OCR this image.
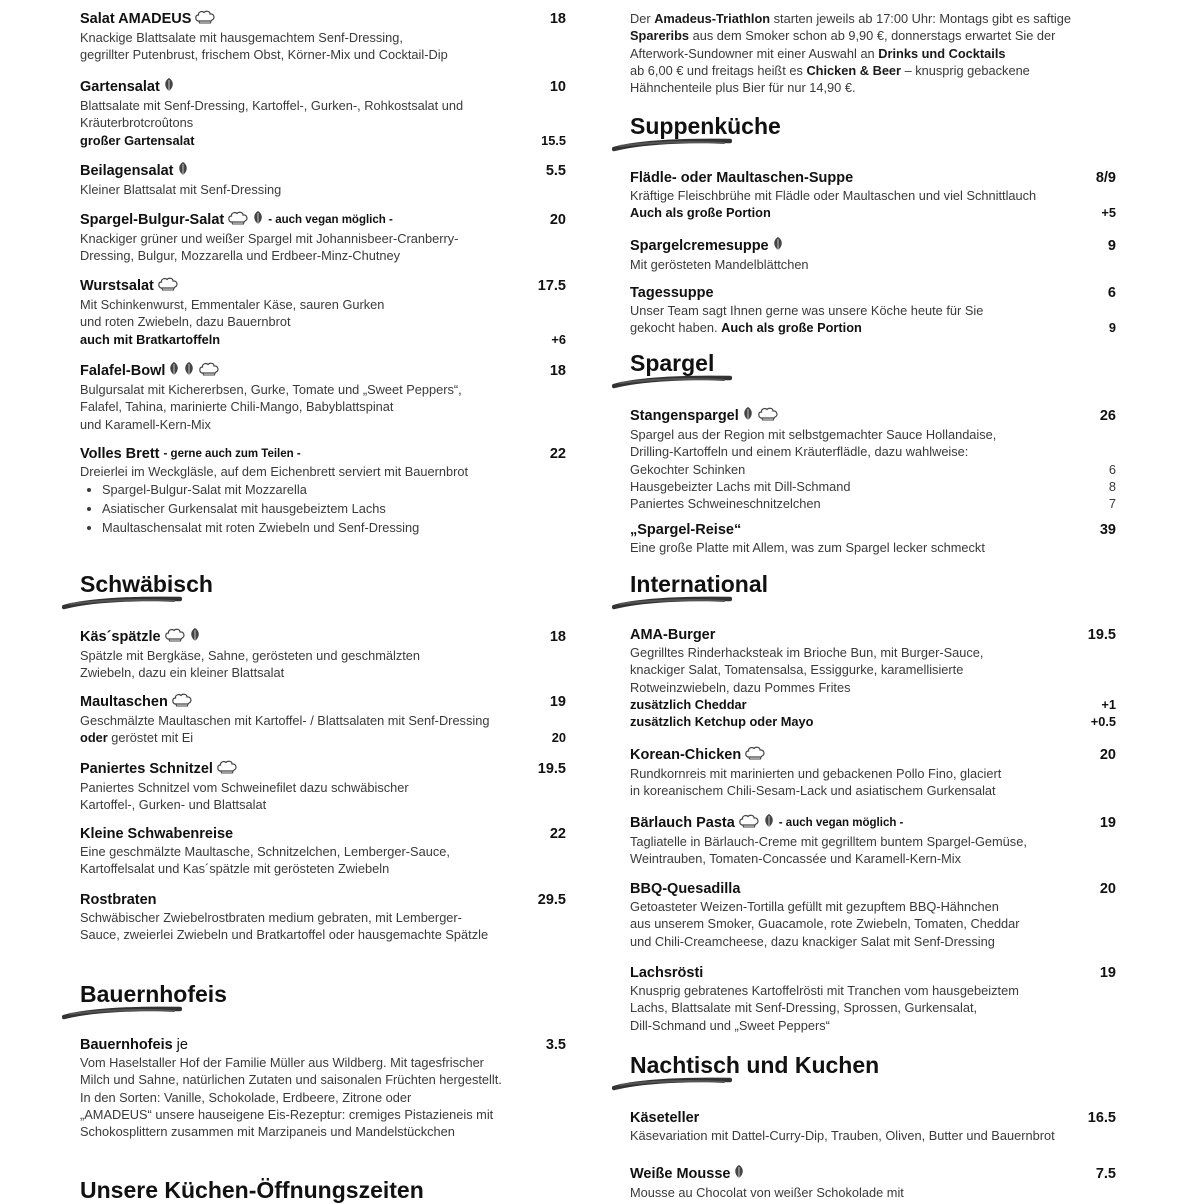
Salat AMADEUS	18
Knackige Blattsalate mit hausgemachtem Senf-Dressing,
gegrillter Putenbrust, frischem Obst, Körner-Mix und Cocktail-Dip
Gartensalat	10
Blattsalate mit Senf-Dressing, Kartoffel-, Gurken-, Rohkostsalat und
Kräuterbrotcroûtons
großer Gartensalat	15.5
Beilagensalat	5.5
Kleiner Blattsalat mit Senf-Dressing
Spargel-Bulgur-Salat	- auch vegan möglich -	20
Knackiger grüner und weißer Spargel mit Johannisbeer-Cranberry-
Dressing, Bulgur, Mozzarella und Erdbeer-Minz-Chutney
Wurstsalat	17.5
Mit Schinkenwurst, Emmentaler Käse, sauren Gurken
und roten Zwiebeln, dazu Bauernbrot
auch mit Bratkartoffeln	+6
Falafel-Bowl	18
Bulgursalat mit Kichererbsen, Gurke, Tomate und „Sweet Peppers“,
Falafel, Tahina, marinierte Chili-Mango, Babyblattspinat
und Karamell-Kern-Mix
Volles Brett - gerne auch zum Teilen -	22
Dreierlei im Weckgläsle, auf dem Eichenbrett serviert mit Bauernbrot
• Spargel-Bulgur-Salat mit Mozzarella
• Asiatischer Gurkensalat mit hausgebeiztem Lachs
• Maultaschensalat mit roten Zwiebeln und Senf-Dressing
Schwäbisch
Käs´spätzle	18
Spätzle mit Bergkäse, Sahne, gerösteten und geschmälzten
Zwiebeln, dazu ein kleiner Blattsalat
Maultaschen	19
Geschmälzte Maultaschen mit Kartoffel- / Blattsalaten mit Senf-Dressing
oder geröstet mit Ei	20
Paniertes Schnitzel	19.5
Paniertes Schnitzel vom Schweinefilet dazu schwäbischer
Kartoffel-, Gurken- und Blattsalat
Kleine Schwabenreise	22
Eine geschmälzte Maultasche, Schnitzelchen, Lemberger-Sauce,
Kartoffelsalat und Kas´spätzle mit gerösteten Zwiebeln
Rostbraten	29.5
Schwäbischer Zwiebelrostbraten medium gebraten, mit Lemberger-
Sauce, zweierlei Zwiebeln und Bratkartoffel oder hausgemachte Spätzle
Bauernhofeis
Bauernhofeis je	3.5
Vom Haselstaller Hof der Familie Müller aus Wildberg. Mit tagesfrischer
Milch und Sahne, natürlichen Zutaten und saisonalen Früchten hergestellt.
In den Sorten: Vanille, Schokolade, Erdbeere, Zitrone oder
„AMADEUS“ unsere hauseigene Eis-Rezeptur: cremiges Pistazieneis mit
Schokosplittern zusammen mit Marzipaneis und Mandelstückchen
Unsere Küchen-Öffnungszeiten
Der Amadeus-Triathlon starten jeweils ab 17:00 Uhr: Montags gibt es saftige
Spareribs aus dem Smoker schon ab 9,90 €, donnerstags erwartet Sie der
Afterwork-Sundowner mit einer Auswahl an Drinks und Cocktails
ab 6,00 € und freitags heißt es Chicken & Beer – knusprig gebackene
Hähnchenteile plus Bier für nur 14,90 €.
Suppenküche
Flädle- oder Maultaschen-Suppe	8/9
Kräftige Fleischbrühe mit Flädle oder Maultaschen und viel Schnittlauch
Auch als große Portion	+5
Spargelcremesuppe	9
Mit gerösteten Mandelblättchen
Tagessuppe	6
Unser Team sagt Ihnen gerne was unsere Köche heute für Sie
gekocht haben. Auch als große Portion	9
Spargel
Stangenspargel	26
Spargel aus der Region mit selbstgemachter Sauce Hollandaise,
Drilling-Kartoffeln und einem Kräuterflädle, dazu wahlweise:
Gekochter Schinken	6
Hausgebeizter Lachs mit Dill-Schmand	8
Paniertes Schweineschnitzelchen	7
„Spargel-Reise“	39
Eine große Platte mit Allem, was zum Spargel lecker schmeckt
International
AMA-Burger	19.5
Gegrilltes Rinderhacksteak im Brioche Bun, mit Burger-Sauce,
knackiger Salat, Tomatensalsa, Essiggurke, karamellisierte
Rotweinzwiebeln, dazu Pommes Frites
zusätzlich Cheddar	+1
zusätzlich Ketchup oder Mayo	+0.5
Korean-Chicken	20
Rundkornreis mit marinierten und gebackenen Pollo Fino, glaciert
in koreanischem Chili-Sesam-Lack und asiatischem Gurkensalat
Bärlauch Pasta	- auch vegan möglich -	19
Tagliatelle in Bärlauch-Creme mit gegrilltem buntem Spargel-Gemüse,
Weintrauben, Tomaten-Concassée und Karamell-Kern-Mix
BBQ-Quesadilla	20
Getoasteter Weizen-Tortilla gefüllt mit gezupftem BBQ-Hähnchen
aus unserem Smoker, Guacamole, rote Zwiebeln, Tomaten, Cheddar
und Chili-Creamcheese, dazu knackiger Salat mit Senf-Dressing
Lachsrösti	19
Knusprig gebratenes Kartoffelrösti mit Tranchen vom hausgebeiztem
Lachs, Blattsalate mit Senf-Dressing, Sprossen, Gurkensalat,
Dill-Schmand und „Sweet Peppers“
Nachtisch und Kuchen
Käseteller	16.5
Käsevariation mit Dattel-Curry-Dip, Trauben, Oliven, Butter und Bauernbrot
Weiße Mousse	7.5
Mousse au Chocolat von weißer Schokolade mit
